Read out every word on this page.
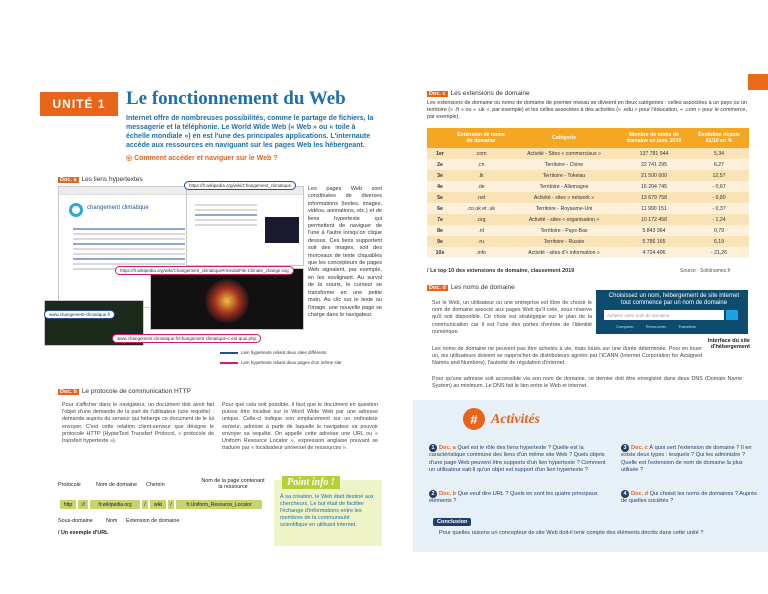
UNITÉ 1	Le fonctionnement du Web
Internet offre de nombreuses possibilités, comme le partage de fichiers, la messagerie et la téléphonie. Le World Wide Web (« Web » ou « toile à échelle mondiale ») en est l'une des principales applications. L'internaute accède aux ressources en naviguant sur les pages Web les hébergeant.
◎ Comment accéder et naviguer sur le Web ?
Doc. a Les liens hypertextes
changement climatique
https://fr.wikipedia.org/wiki/Changement_climatique
https://fr.wikipedia.org/wiki/Changement_climatique#/media/File:Climate_change.svg
www.changement-climatique.fr
www.changement-climatique.fr/changement-climatique-c-est-quoi.php
Lien hypertexte reliant deux sites différents
Lien hypertexte reliant deux pages d'un même site
Les pages Web sont constituées de diverses informations (textes, images, vidéos, animations, etc.) et de liens hypertexte qui permettent de naviguer de l'une à l'autre lorsqu'on clique dessus. Ces liens supportent soit des images, soit des morceaux de texte cliquables que les concepteurs de pages Web signalent, par exemple, en les soulignant. Au survol de la souris, le curseur se transforme en une petite main. Au clic sur le texte ou l'image, une nouvelle page se charge dans le navigateur.
Doc. b Le protocole de communication HTTP
Pour s'afficher dans le navigateur, un document doit avoir fait l'objet d'une demande de la part de l'utilisateur (une requête) : demande auprès du serveur qui héberge ce document de le lui envoyer. C'est cette relation client-serveur que désigne le protocole HTTP (HyperText Transfert Protocol, « protocole de transfert hypertexte »).
Pour que cela soit possible, il faut que le document en question puisse être localisé sur le Word Wide Web par une adresse unique. Celle-ci indique son emplacement sur un ordinateur serveur, adresse à partir de laquelle le navigateur va pouvoir envoyer sa requête. On appelle cette adresse une URL ou « Uniform Resource Locator », expression anglaise pouvant se traduire par « localisateur universel de ressources ».
Protocole	Nom de domaine Chemin
Nom de la page contenant la ressource
http	://	fr.wikipedia.org	/	wiki	/	fr.Uniform_Resource_Locator
Sous-domaine Nom Extension de domaine
/ Un exemple d'URL
Point info !
À sa création, le Web était destiné aux chercheurs. Le but était de faciliter l'échange d'informations entre les membres de la communauté scientifique en utilisant internet.
Doc. c Les extensions de domaine
Les extensions de domaine ou noms de domaine de premier niveau se divisent en deux catégories : celles associées à un pays ou un territoire (« .fr » ou « .uk », par exemple) et les celles associées à des activités (« .edu » pour l'éducation, « .com » pour le commerce, par exemple).
	Extension de noms de domaine	Catégorie	Nombre de noms de domaine en janv. 2019	Évolution depuis 01/10 en %
1er	.com	Activité - Sites « commerciaux »	137 781 944	5,34
2e	.cn	Territoire - Chine	22 741 295	6,27
3e	.tk	Territoire - Tokelau	21 500 000	12,57
4e	.de	Territoire - Allemagne	16 204 745	- 0,67
5e	.net	Activité - sites « network »	13 679 758	- 9,80
6e	.co.uk et .uk	Territoire - Royaume-Uni	11 990 151	- 0,37
7e	.org	Activité - sites « organisation »	10 172 458	- 1,24
8e	.nl	Territoire - Pays-Bas	5 843 964	0,79
9e	.ru	Territoire - Russie	5 786 165	6,19
10e	.info	Activité - sites d'« information »	4 724 406	- 21,26
/ Le top 10 des extensions de domaine, classement 2019	Source : Solidnames.fr
Doc. d Les noms de domaine
Sur le Web, un utilisateur ou une entreprise est libre de choisir le nom de domaine associé aux pages Web qu'il crée, sous réserve qu'il soit disponible. Ce choix est stratégique sur le plan de la communication car il est l'une des portes d'entrée de l'identité numérique.
Les noms de domaine ne peuvent pas être achetés à vie, mais loués sur une durée déterminée. Pour en louer un, les utilisateurs doivent se rapprocher de distributeurs agréés par l'ICANN (Internet Corporation for Assigned Names and Numbers), l'autorité de régulation d'internet.
Pour qu'une adresse soit accessible via son nom de domaine, ce dernier doit être enregistré dans deux DNS (Domain Name System) au minimum. Le DNS fait le lien entre le Web et internet.
Choisissez un nom, hébergement de site internet tout commence par un nom de domaine
Achetez votre nom de domaine
Comparer	Renouveler	Transférer
Interface du site d'hébergement
# Activités
1 Doc. a Quel est le rôle des liens hypertexte ? Quelle est la caractéristique commune des liens d'un même site Web ? Quels objets d'une page Web peuvent être supports d'un lien hypertexte ? Comment un utilisateur sait-il qu'un objet est support d'un lien hypertexte ?
2 Doc. b Que veut dire URL ? Quels en sont les quatre principaux éléments ?
3 Doc. c À quoi sert l'extension de domaine ? Il en existe deux types : lesquels ? Qui les administre ? Quelle est l'extension de nom de domaine la plus utilisée ?
4 Doc. d Qui choisit les noms de domaines ? Auprès de quelles sociétés ?
Conclusion
Pour quelles raisons un concepteur de site Web doit-il tenir compte des éléments décrits dans cette unité ?
